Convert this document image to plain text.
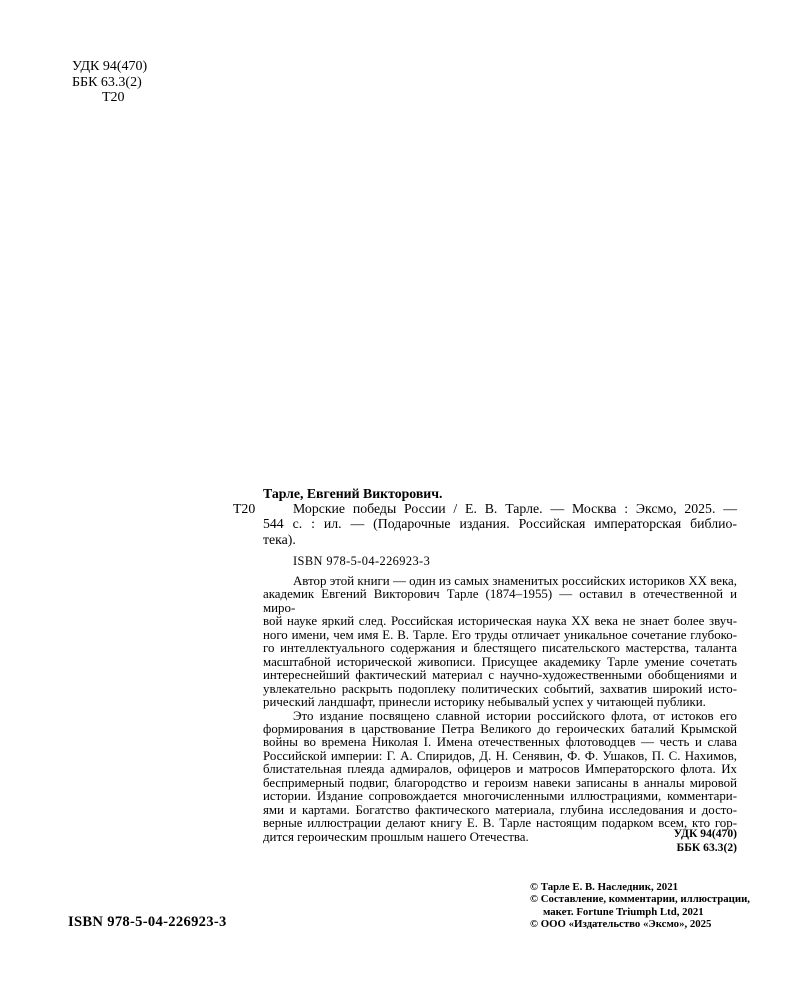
УДК 94(470)
ББК 63.3(2)
Т20
Т20
Тарле, Евгений Викторович.
Морские победы России / Е. В. Тарле. — Москва : Эксмо, 2025. —
544 с. : ил. — (Подарочные издания. Российская императорская библио-
тека).
ISBN 978-5-04-226923-3
Автор этой книги — один из самых знаменитых российских историков XX века,
академик Евгений Викторович Тарле (1874–1955) — оставил в отечественной и миро-
вой науке яркий след. Российская историческая наука XX века не знает более звуч-
ного имени, чем имя Е. В. Тарле. Его труды отличает уникальное сочетание глубоко-
го интеллектуального содержания и блестящего писательского мастерства, таланта
масштабной исторической живописи. Присущее академику Тарле умение сочетать
интереснейший фактический материал с научно-художественными обобщениями и
увлекательно раскрыть подоплеку политических событий, захватив широкий исто-
рический ландшафт, принесли историку небывалый успех у читающей публики.
Это издание посвящено славной истории российского флота, от истоков его
формирования в царствование Петра Великого до героических баталий Крымской
войны во времена Николая I. Имена отечественных флотоводцев — честь и слава
Российской империи: Г. А. Спиридов, Д. Н. Сенявин, Ф. Ф. Ушаков, П. С. Нахимов,
блистательная плеяда адмиралов, офицеров и матросов Императорского флота. Их
беспримерный подвиг, благородство и героизм навеки записаны в анналы мировой
истории. Издание сопровождается многочисленными иллюстрациями, комментари-
ями и картами. Богатство фактического материала, глубина исследования и досто-
верные иллюстрации делают книгу Е. В. Тарле настоящим подарком всем, кто гор-
дится героическим прошлым нашего Отечества.	УДК 94(470)
ББК 63.3(2)
© Тарле Е. В. Наследник, 2021
© Составление, комментарии, иллюстрации,
макет. Fortune Triumph Ltd, 2021
© ООО «Издательство «Эксмо», 2025
ISBN 978-5-04-226923-3
